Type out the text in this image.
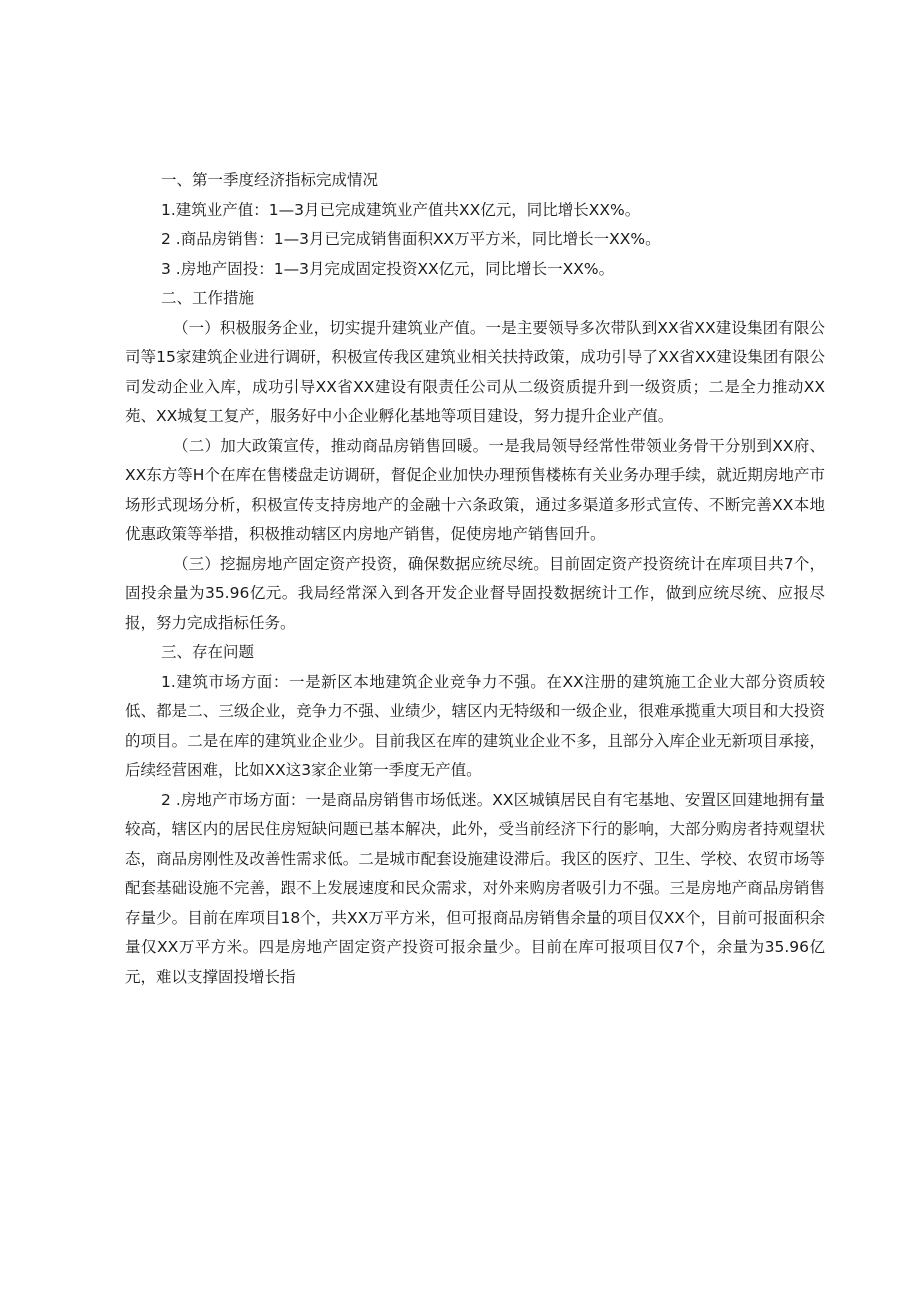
一、第一季度经济指标完成情况

1.建筑业产值：1—3月已完成建筑业产值共XX亿元，同比增长XX%。

2 .商品房销售：1—3月已完成销售面积XX万平方米，同比增长一XX%。

3 .房地产固投：1—3月完成固定投资XX亿元，同比增长一XX%。

二、工作措施

（一）积极服务企业，切实提升建筑业产值。一是主要领导多次带队到XX省XX建设集团有限公司等15家建筑企业进行调研，积极宣传我区建筑业相关扶持政策，成功引导了XX省XX建设集团有限公司发动企业入库，成功引导XX省XX建设有限责任公司从二级资质提升到一级资质；二是全力推动XX苑、XX城复工复产，服务好中小企业孵化基地等项目建设，努力提升企业产值。

（二）加大政策宣传，推动商品房销售回暖。一是我局领导经常性带领业务骨干分别到XX府、XX东方等H个在库在售楼盘走访调研，督促企业加快办理预售楼栋有关业务办理手续，就近期房地产市场形式现场分析，积极宣传支持房地产的金融十六条政策，通过多渠道多形式宣传、不断完善XX本地优惠政策等举措，积极推动辖区内房地产销售，促使房地产销售回升。

（三）挖掘房地产固定资产投资，确保数据应统尽统。目前固定资产投资统计在库项目共7个，固投余量为35.96亿元。我局经常深入到各开发企业督导固投数据统计工作，做到应统尽统、应报尽报，努力完成指标任务。

三、存在问题

1.建筑市场方面：一是新区本地建筑企业竞争力不强。在XX注册的建筑施工企业大部分资质较低、都是二、三级企业，竞争力不强、业绩少，辖区内无特级和一级企业，很难承揽重大项目和大投资的项目。二是在库的建筑业企业少。目前我区在库的建筑业企业不多，且部分入库企业无新项目承接，后续经营困难，比如XX这3家企业第一季度无产值。

2 .房地产市场方面：一是商品房销售市场低迷。XX区城镇居民自有宅基地、安置区回建地拥有量较高，辖区内的居民住房短缺问题已基本解决，此外，受当前经济下行的影响，大部分购房者持观望状态，商品房刚性及改善性需求低。二是城市配套设施建设滞后。我区的医疗、卫生、学校、农贸市场等配套基础设施不完善，跟不上发展速度和民众需求，对外来购房者吸引力不强。三是房地产商品房销售存量少。目前在库项目18个，共XX万平方米，但可报商品房销售余量的项目仅XX个，目前可报面积余量仅XX万平方米。四是房地产固定资产投资可报余量少。目前在库可报项目仅7个，余量为35.96亿元，难以支撑固投增长指
